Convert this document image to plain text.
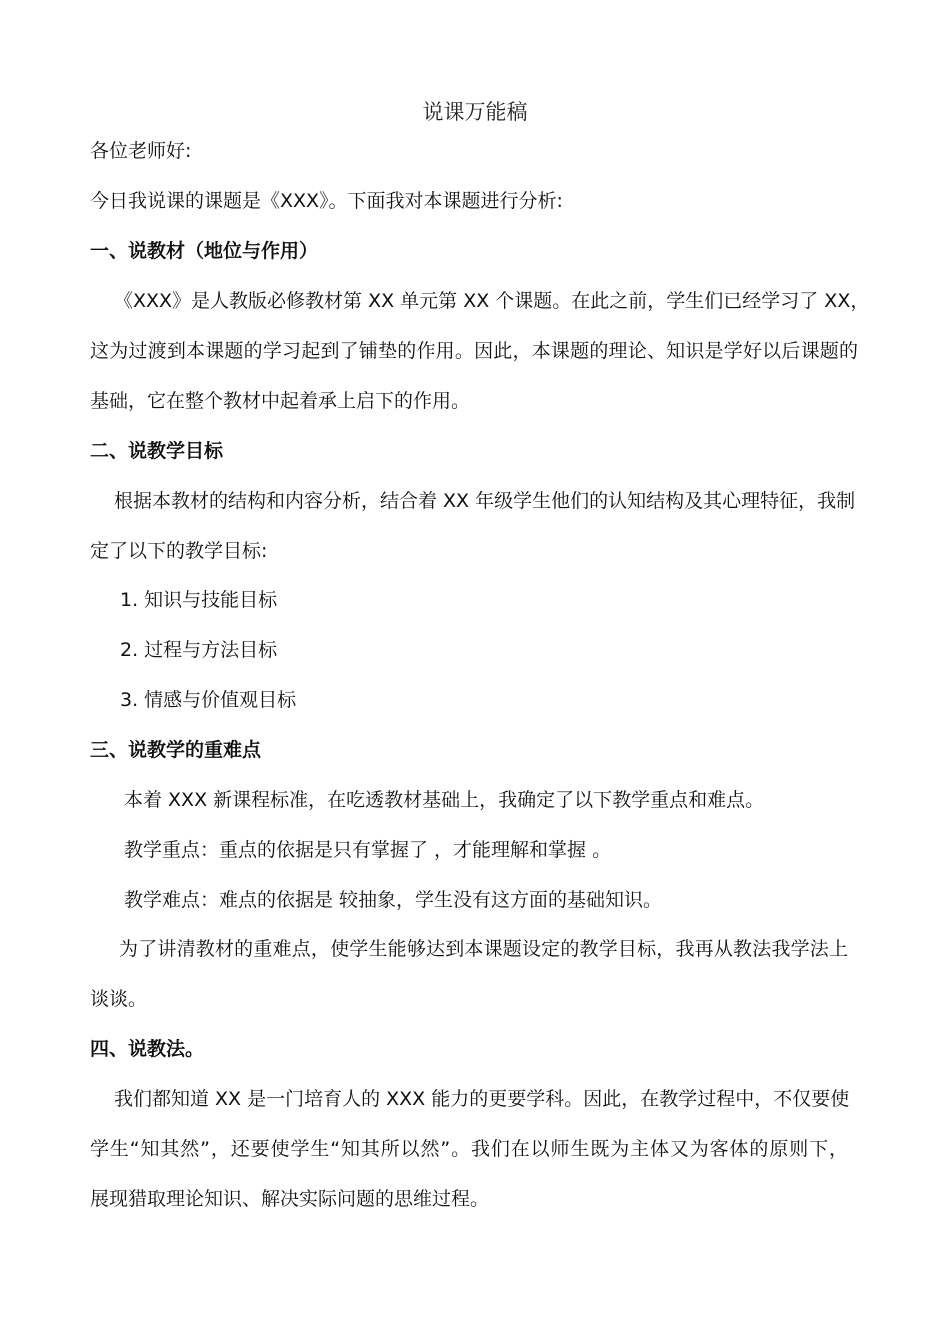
说课万能稿
各位老师好:
今日我说课的课题是《XXX》。下面我对本课题进行分析:
一、说教材（地位与作用）
《XXX》是人教版必修教材第 XX 单元第 XX 个课题。在此之前，学生们已经学习了 XX，
这为过渡到本课题的学习起到了铺垫的作用。因此，本课题的理论、知识是学好以后课题的
基础，它在整个教材中起着承上启下的作用。
二、说教学目标
根据本教材的结构和内容分析，结合着 XX 年级学生他们的认知结构及其心理特征，我制
定了以下的教学目标:
1. 知识与技能目标
2. 过程与方法目标
3. 情感与价值观目标
三、说教学的重难点
本着 XXX 新课程标准，在吃透教材基础上，我确定了以下教学重点和难点。
教学重点：重点的依据是只有掌握了 ，才能理解和掌握 。
教学难点：难点的依据是 较抽象，学生没有这方面的基础知识。
为了讲清教材的重难点，使学生能够达到本课题设定的教学目标，我再从教法我学法上
谈谈。
四、说教法。
我们都知道 XX 是一门培育人的 XXX 能力的更要学科。因此，在教学过程中，不仅要使
学生“知其然”，还要使学生“知其所以然”。我们在以师生既为主体又为客体的原则下，
展现猎取理论知识、解决实际问题的思维过程。
